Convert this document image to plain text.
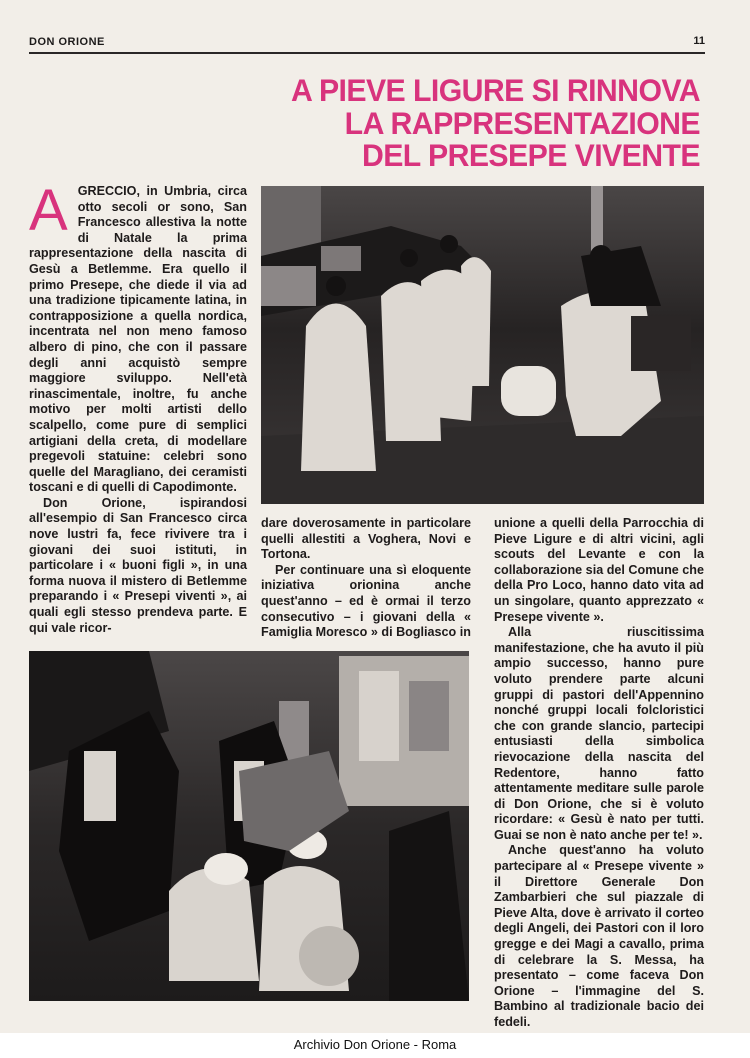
DON ORIONE	11
A PIEVE LIGURE SI RINNOVA
LA RAPPRESENTAZIONE
DEL PRESEPE VIVENTE

AGRECCIO, in Umbria, circa otto secoli or sono, San Francesco allestiva la notte di Natale la prima rappresentazione della nascita di Gesù a Betlemme. Era quello il primo Presepe, che diede il via ad una tradizione tipicamente latina, in contrapposizione a quella nordica, incentrata nel non meno famoso albero di pino, che con il passare degli anni acquistò sempre maggiore sviluppo. Nell'età rinascimentale, inoltre, fu anche motivo per molti artisti dello scalpello, come pure di semplici artigiani della creta, di modellare pregevoli statuine: celebri sono quelle del Maragliano, dei ceramisti toscani e di quelli di Capodimonte.

Don Orione, ispirandosi all'esempio di San Francesco circa nove lustri fa, fece rivivere tra i giovani dei suoi istituti, in particolare i « buoni figli », in una forma nuova il mistero di Betlemme preparando i « Presepi viventi », ai quali egli stesso prendeva parte. E qui vale ricor-

dare doverosamente in particolare quelli allestiti a Voghera, Novi e Tortona.

Per continuare una sì eloquente iniziativa orionina anche quest'anno – ed è ormai il terzo consecutivo – i giovani della « Famiglia Moresco » di Bogliasco in

unione a quelli della Parrocchia di Pieve Ligure e di altri vicini, agli scouts del Levante e con la collaborazione sia del Comune che della Pro Loco, hanno dato vita ad un singolare, quanto apprezzato « Presepe vivente ».

Alla riuscitissima manifestazione, che ha avuto il più ampio successo, hanno pure voluto prendere parte alcuni gruppi di pastori dell'Appennino nonché gruppi locali folcloristici che con grande slancio, partecipi entusiasti della simbolica rievocazione della nascita del Redentore, hanno fatto attentamente meditare sulle parole di Don Orione, che si è voluto ricordare: « Gesù è nato per tutti. Guai se non è nato anche per te! ».

Anche quest'anno ha voluto partecipare al « Presepe vivente » il Direttore Generale Don Zambarbieri che sul piazzale di Pieve Alta, dove è arrivato il corteo degli Angeli, dei Pastori con il loro gregge e dei Magi a cavallo, prima di celebrare la S. Messa, ha presentato – come faceva Don Orione – l'immagine del S. Bambino al tradizionale bacio dei fedeli.

Archivio Don Orione - Roma
